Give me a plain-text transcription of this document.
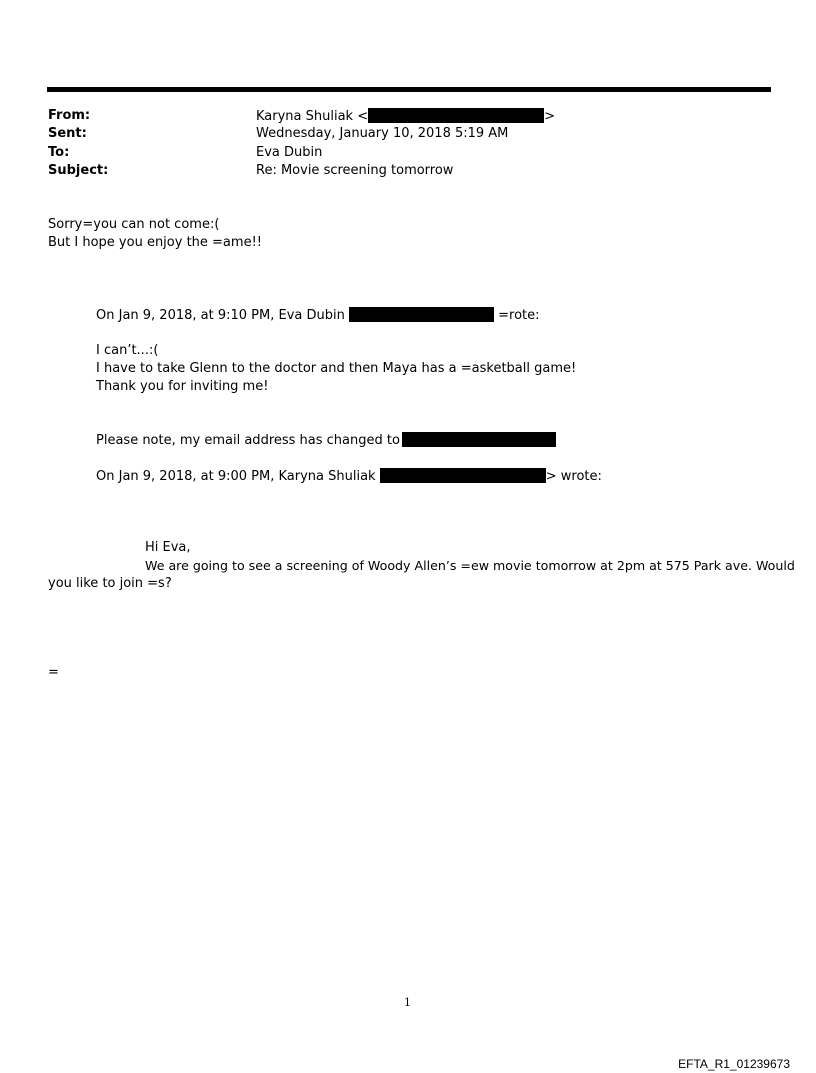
From:	Karyna Shuliak <	>
Sent:	Wednesday, January 10, 2018 5:19 AM
To:	Eva Dubin
Subject:	Re: Movie screening tomorrow
Sorry=you can not come:(
But I hope you enjoy the =ame!!
On Jan 9, 2018, at 9:10 PM, Eva Dubin	=rote:
I can’t...:(
I have to take Glenn to the doctor and then Maya has a =asketball game!
Thank you for inviting me!
Please note, my email address has changed to
On Jan 9, 2018, at 9:00 PM, Karyna Shuliak	> wrote:
Hi Eva,
We are going to see a screening of Woody Allen’s =ew movie tomorrow at 2pm at 575 Park ave. Would
you like to join =s?
=
1
EFTA_R1_01239673
